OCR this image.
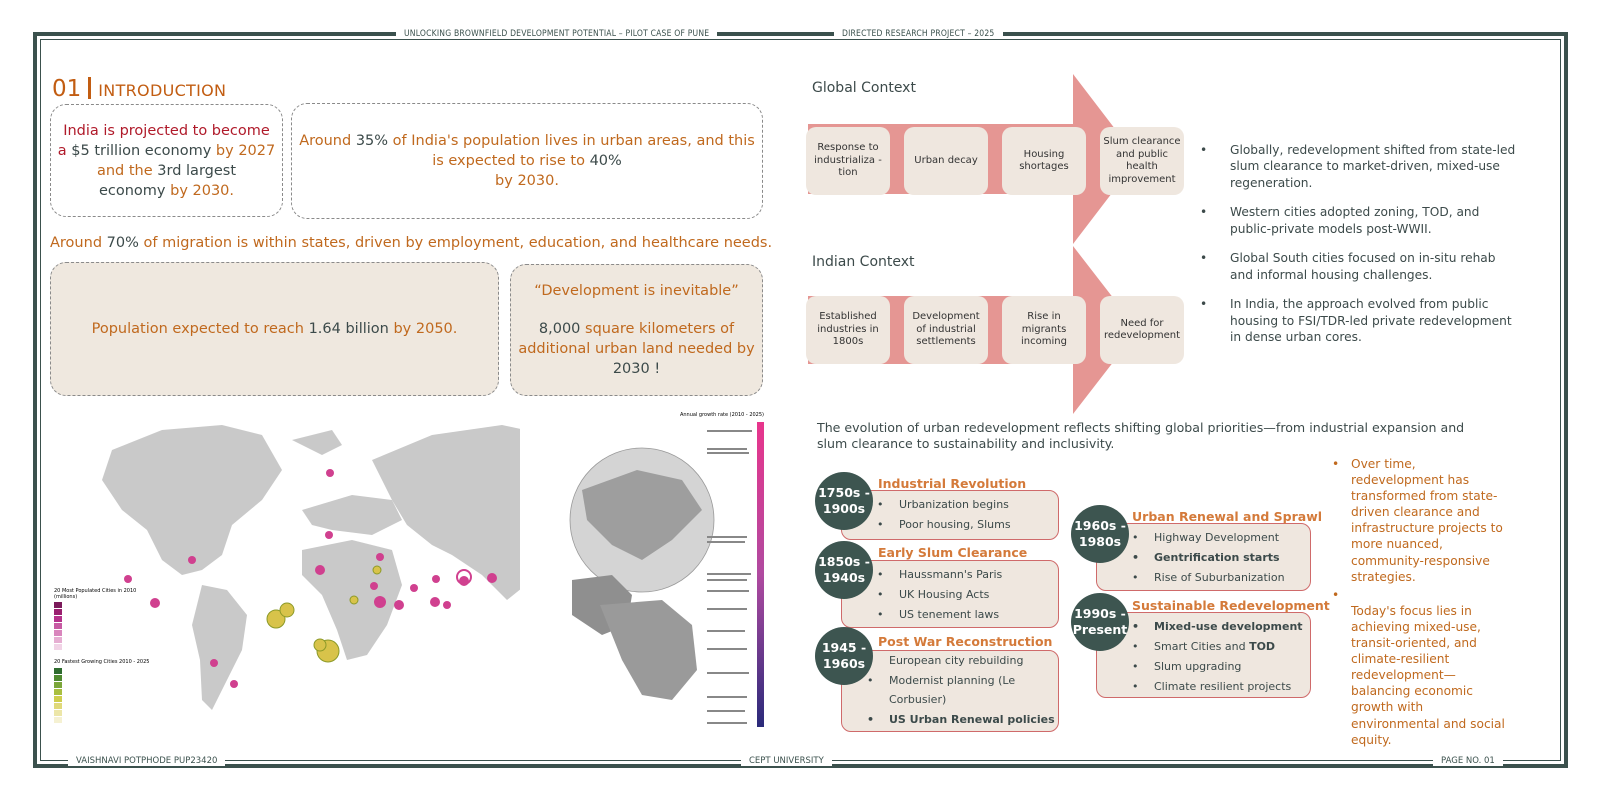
UNLOCKING BROWNFIELD DEVELOPMENT POTENTIAL – PILOT CASE OF PUNE	DIRECTED RESEARCH PROJECT – 2025
VAISHNAVI POTPHODE PUP23420	CEPT UNIVERSITY	PAGE NO. 01
01 INTRODUCTION
India is projected to become
a $5 trillion economy by 2027
and the 3rd largest
economy by 2030.
Around 35% of India's population lives in urban areas, and this
is expected to rise to 40%
by 2030.
Around 70% of migration is within states, driven by employment, education, and healthcare needs.
Population expected to reach 1.64 billion by 2050.
“Development is inevitable”
8,000 square kilometers of
additional urban land needed by
2030 !
20 Most Populated Cities in 2010
(millions)
20 Fastest Growing Cities 2010 - 2025
Annual growth rate (2010 - 2025)
Global Context
Response to industrializa -tion
Urban decay
Housing shortages
Slum clearance and public health improvement
Indian Context
Established industries in 1800s
Development of industrial settlements
Rise in migrants incoming
Need for redevelopment
• Globally, redevelopment shifted from state-led slum clearance to market-driven, mixed-use regeneration.
• Western cities adopted zoning, TOD, and public-private models post-WWII.
• Global South cities focused on in-situ rehab and informal housing challenges.
• In India, the approach evolved from public housing to FSI/TDR-led private redevelopment in dense urban cores.
The evolution of urban redevelopment reflects shifting global priorities—from industrial expansion and slum clearance to sustainability and inclusivity.
• Urbanization begins
• Poor housing, Slums
Industrial Revolution
1750s -
1900s
• Haussmann's Paris
• UK Housing Acts
• US tenement laws
Early Slum Clearance
1850s -
1940s
European city rebuilding
• Modernist planning (Le
Corbusier)
• US Urban Renewal policies
Post War Reconstruction
1945 -
1960s
• Highway Development
• Gentrification starts
• Rise of Suburbanization
Urban Renewal and Sprawl
1960s -
1980s
• Mixed-use development
• Smart Cities and TOD
• Slum upgrading
• Climate resilient projects
Sustainable Redevelopment
1990s -
Present
• Over time, redevelopment has transformed from state-driven clearance and infrastructure projects to more nuanced, community-responsive strategies.
•

Today's focus lies in achieving mixed-use, transit-oriented, and climate-resilient redevelopment—balancing economic growth with environmental and social equity.
